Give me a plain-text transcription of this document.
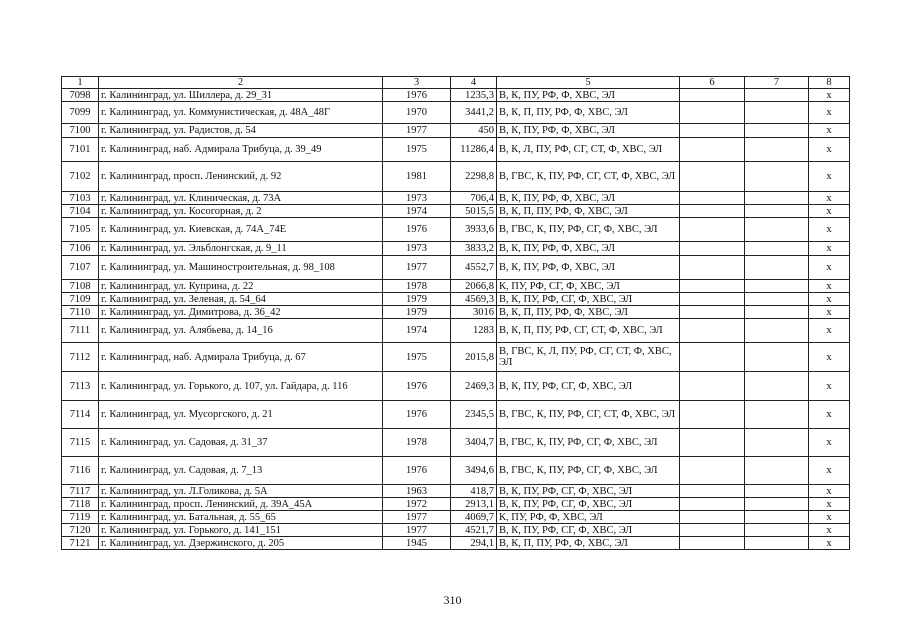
1	2	3	4	5	6	7	8
7098	г. Калининград, ул. Шиллера, д. 29_31	1976	1235,3	В, К, ПУ, РФ, Ф, ХВС, ЭЛ			x
7099	г. Калининград, ул. Коммунистическая, д. 48А_48Г	1970	3441,2	В, К, П, ПУ, РФ, Ф, ХВС, ЭЛ			x
7100	г. Калининград, ул. Радистов, д. 54	1977	450	В, К, ПУ, РФ, Ф, ХВС, ЭЛ			x
7101	г. Калининград, наб. Адмирала Трибуца, д. 39_49	1975	11286,4	В, К, Л, ПУ, РФ, СГ, СТ, Ф, ХВС, ЭЛ			x
7102	г. Калининград, просп. Ленинский, д. 92	1981	2298,8	В, ГВС, К, ПУ, РФ, СГ, СТ, Ф, ХВС, ЭЛ			x
7103	г. Калининград, ул. Клиническая, д. 73А	1973	706,4	В, К, ПУ, РФ, Ф, ХВС, ЭЛ			x
7104	г. Калининград, ул. Косогорная, д. 2	1974	5015,5	В, К, П, ПУ, РФ, Ф, ХВС, ЭЛ			x
7105	г. Калининград, ул. Киевская, д. 74А_74Е	1976	3933,6	В, ГВС, К, ПУ, РФ, СГ, Ф, ХВС, ЭЛ			x
7106	г. Калининград, ул. Эльблонгская, д. 9_11	1973	3833,2	В, К, ПУ, РФ, Ф, ХВС, ЭЛ			x
7107	г. Калининград, ул. Машиностроительная, д. 98_108	1977	4552,7	В, К, ПУ, РФ, Ф, ХВС, ЭЛ			x
7108	г. Калининград, ул. Куприна, д. 22	1978	2066,8	К, ПУ, РФ, СГ, Ф, ХВС, ЭЛ			x
7109	г. Калининград, ул. Зеленая, д. 54_64	1979	4569,3	В, К, ПУ, РФ, СГ, Ф, ХВС, ЭЛ			x
7110	г. Калининград, ул. Димитрова, д. 36_42	1979	3016	В, К, П, ПУ, РФ, Ф, ХВС, ЭЛ			x
7111	г. Калининград, ул. Алябьева, д. 14_16	1974	1283	В, К, П, ПУ, РФ, СГ, СТ, Ф, ХВС, ЭЛ			x
7112	г. Калининград, наб. Адмирала Трибуца, д. 67	1975	2015,8	В, ГВС, К, Л, ПУ, РФ, СГ, СТ, Ф, ХВС, ЭЛ			x
7113	г. Калининград, ул. Горького, д. 107, ул. Гайдара, д. 116	1976	2469,3	В, К, ПУ, РФ, СГ, Ф, ХВС, ЭЛ			x
7114	г. Калининград, ул. Мусоргского, д. 21	1976	2345,5	В, ГВС, К, ПУ, РФ, СГ, СТ, Ф, ХВС, ЭЛ			x
7115	г. Калининград, ул. Садовая, д. 31_37	1978	3404,7	В, ГВС, К, ПУ, РФ, СГ, Ф, ХВС, ЭЛ			x
7116	г. Калининград, ул. Садовая, д. 7_13	1976	3494,6	В, ГВС, К, ПУ, РФ, СГ, Ф, ХВС, ЭЛ			x
7117	г. Калининград, ул. Л.Голикова, д. 5А	1963	418,7	В, К, ПУ, РФ, СГ, Ф, ХВС, ЭЛ			x
7118	г. Калининград, просп. Ленинский, д. 39А_45А	1972	2913,1	В, К, ПУ, РФ, СГ, Ф, ХВС, ЭЛ			x
7119	г. Калининград, ул. Батальная, д. 55_65	1977	4069,7	К, ПУ, РФ, Ф, ХВС, ЭЛ			x
7120	г. Калининград, ул. Горького, д. 141_151	1977	4521,7	В, К, ПУ, РФ, СГ, Ф, ХВС, ЭЛ			x
7121	г. Калининград, ул. Дзержинского, д. 205	1945	294,1	В, К, П, ПУ, РФ, Ф, ХВС, ЭЛ			x
310
